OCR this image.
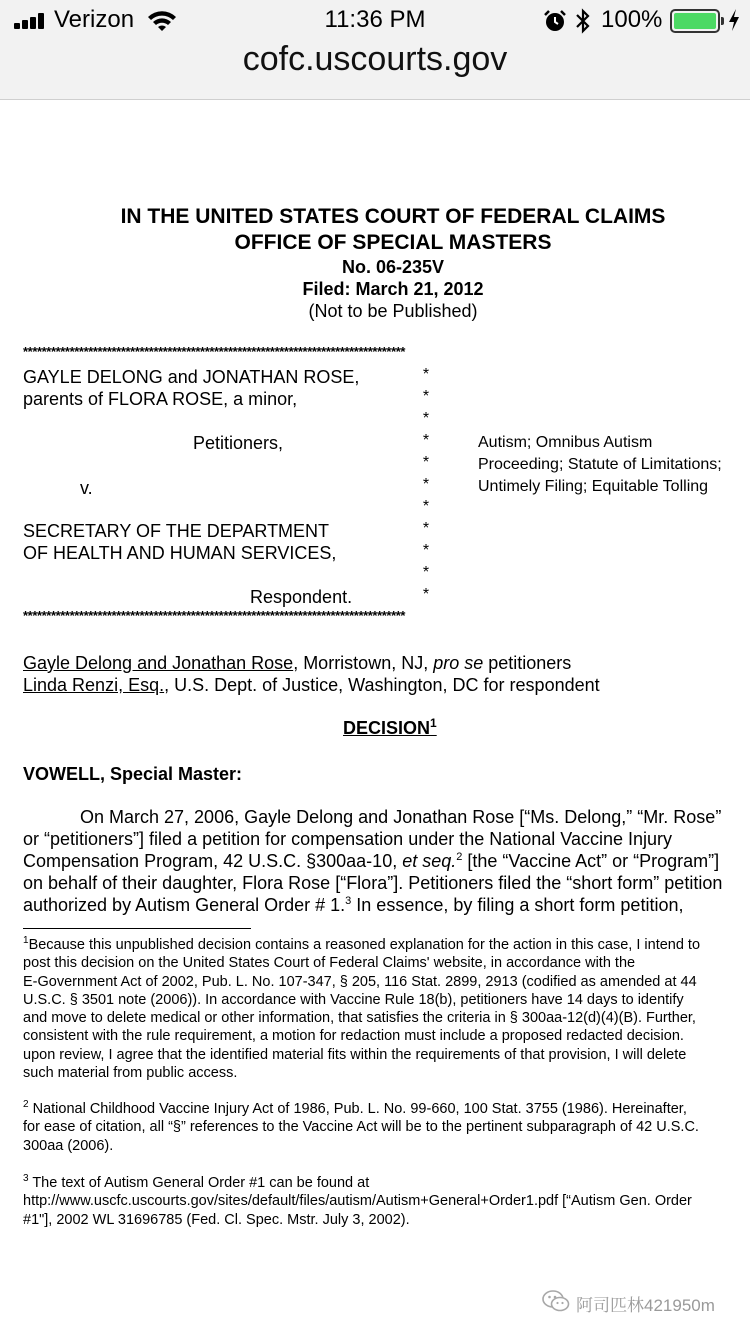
Verizon	11:36 PM	100%
cofc.uscourts.gov
IN THE UNITED STATES COURT OF FEDERAL CLAIMS
OFFICE OF SPECIAL MASTERS
No. 06-235V
Filed: March 21, 2012
(Not to be Published)
**********************************************************************************
GAYLE DELONG and JONATHAN ROSE,
parents of FLORA ROSE, a minor,
Petitioners,
v.
SECRETARY OF THE DEPARTMENT
OF HEALTH AND HUMAN SERVICES,
Respondent.
*
*
*
*
*
*
*
*
*
*
*
Autism; Omnibus Autism
Proceeding; Statute of Limitations;
Untimely Filing; Equitable Tolling
**********************************************************************************
Gayle Delong and Jonathan Rose, Morristown, NJ, pro se petitioners
Linda Renzi, Esq., U.S. Dept. of Justice, Washington, DC for respondent
DECISION$^1$
VOWELL, Special Master:
On March 27, 2006, Gayle Delong and Jonathan Rose [“Ms. Delong,” “Mr. Rose”
or “petitioners”] filed a petition for compensation under the National Vaccine Injury
Compensation Program, 42 U.S.C. §300aa-10, et seq.$^2$ [the “Vaccine Act” or “Program”]
on behalf of their daughter, Flora Rose [“Flora”]. Petitioners filed the “short form” petition
authorized by Autism General Order # 1.$^3$ In essence, by filing a short form petition,
$^1$Because this unpublished decision contains a reasoned explanation for the action in this case, I intend to
post this decision on the United States Court of Federal Claims' website, in accordance with the
E-Government Act of 2002, Pub. L. No. 107-347, § 205, 116 Stat. 2899, 2913 (codified as amended at 44
U.S.C. § 3501 note (2006)). In accordance with Vaccine Rule 18(b), petitioners have 14 days to identify
and move to delete medical or other information, that satisfies the criteria in § 300aa-12(d)(4)(B). Further,
consistent with the rule requirement, a motion for redaction must include a proposed redacted decision.
upon review, I agree that the identified material fits within the requirements of that provision, I will delete
such material from public access.
$^2$ National Childhood Vaccine Injury Act of 1986, Pub. L. No. 99-660, 100 Stat. 3755 (1986). Hereinafter,
for ease of citation, all “§” references to the Vaccine Act will be to the pertinent subparagraph of 42 U.S.C.
300aa (2006).
$^3$ The text of Autism General Order #1 can be found at
http://www.uscfc.uscourts.gov/sites/default/files/autism/Autism+General+Order1.pdf [“Autism Gen. Order
#1"], 2002 WL 31696785 (Fed. Cl. Spec. Mstr. July 3, 2002).
阿司匹林421950m
